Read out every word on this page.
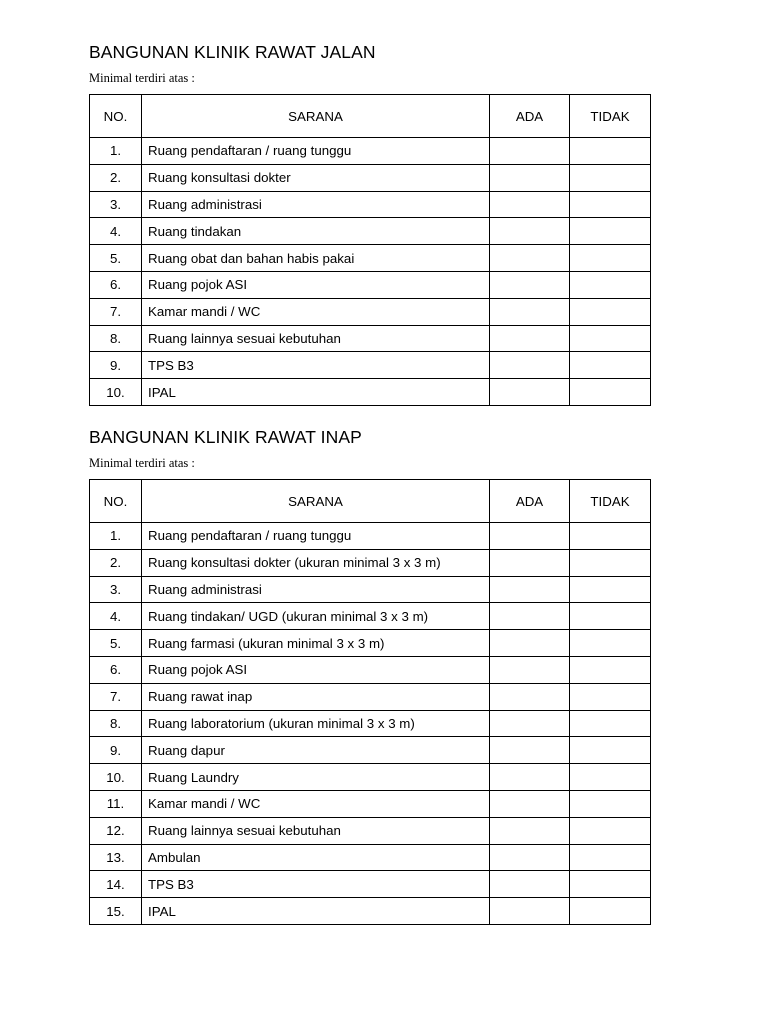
BANGUNAN KLINIK RAWAT JALAN
Minimal terdiri atas :
NO.	SARANA	ADA	TIDAK
1.	Ruang pendaftaran / ruang tunggu		
2.	Ruang konsultasi dokter		
3.	Ruang administrasi		
4.	Ruang tindakan		
5.	Ruang obat dan bahan habis pakai		
6.	Ruang pojok ASI		
7.	Kamar mandi / WC		
8.	Ruang lainnya sesuai kebutuhan		
9.	TPS B3		
10.	IPAL		
BANGUNAN KLINIK RAWAT INAP
Minimal terdiri atas :
NO.	SARANA	ADA	TIDAK
1.	Ruang pendaftaran / ruang tunggu		
2.	Ruang konsultasi dokter (ukuran minimal 3 x 3 m)		
3.	Ruang administrasi		
4.	Ruang tindakan/ UGD (ukuran minimal 3 x 3 m)		
5.	Ruang farmasi (ukuran minimal 3 x 3 m)		
6.	Ruang pojok ASI		
7.	Ruang rawat inap		
8.	Ruang laboratorium (ukuran minimal 3 x 3 m)		
9.	Ruang dapur		
10.	Ruang Laundry		
11.	Kamar mandi / WC		
12.	Ruang lainnya sesuai kebutuhan		
13.	Ambulan		
14.	TPS B3		
15.	IPAL		
